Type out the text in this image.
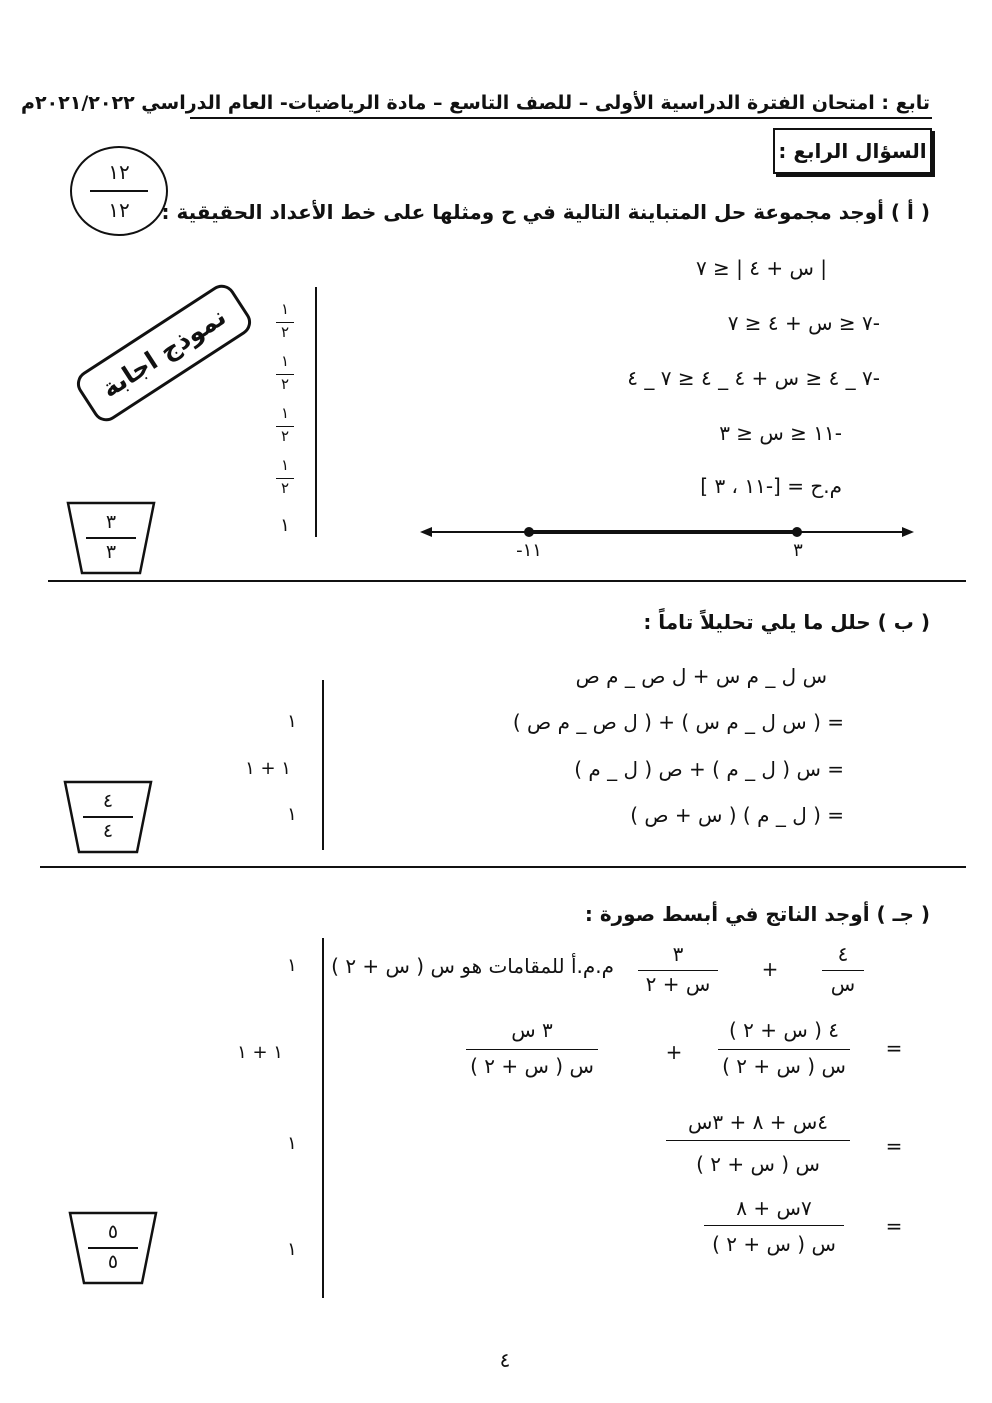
تابع : امتحان الفترة الدراسية الأولى – للصف التاسع – مادة الرياضيات- العام الدراسي ٢٠٢١/٢٠٢٢م
السؤال الرابع :
١٢
١٢
نموذج اجابة
( أ ) أوجد مجموعة حل المتباينة التالية في ح ومثلها على خط الأعداد الحقيقية :
| س + ٤ | ≤ ٧
-٧ ≤ س + ٤ ≤ ٧
-٧ _ ٤ ≤ س + ٤ _ ٤ ≤ ٧ _ ٤
-١١ ≤ س ≤ ٣
م.ح = [-١١ ، ٣ ]
١
٢
١
٢
١
٢
١
٢
١
-١١	٣
٣
٣
( ب ) حلل ما يلي تحليلاً تاماً :
س ل _ م س + ل ص _ م ص
= ( س ل _ م س ) + ( ل ص _ م ص )
= س ( ل _ م ) + ص ( ل _ م )
= ( ل _ م ) ( س + ص )
١
١ + ١
١
٤
٤
( جـ ) أوجد الناتج في أبسط صورة :
٤
س
+
٣
س + ٢
م.م.أ للمقامات هو س ( س + ٢ )
=
٤ ( س + ٢ )
س ( س + ٢ )
+
٣ س
س ( س + ٢ )
=
٤س + ٨ + ٣س
س ( س + ٢ )
=
٧س + ٨
س ( س + ٢ )
١
١ + ١
١
١
٥
٥
٤
